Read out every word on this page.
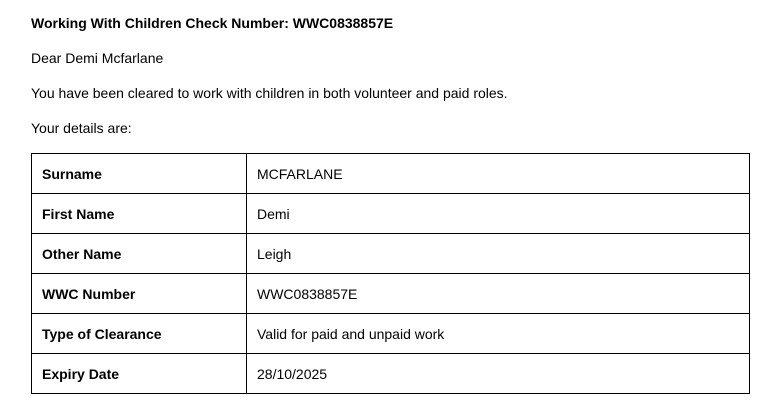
Working With Children Check Number: WWC0838857E
Dear Demi Mcfarlane
You have been cleared to work with children in both volunteer and paid roles.
Your details are:
Surname	MCFARLANE
First Name	Demi
Other Name	Leigh
WWC Number	WWC0838857E
Type of Clearance	Valid for paid and unpaid work
Expiry Date	28/10/2025
